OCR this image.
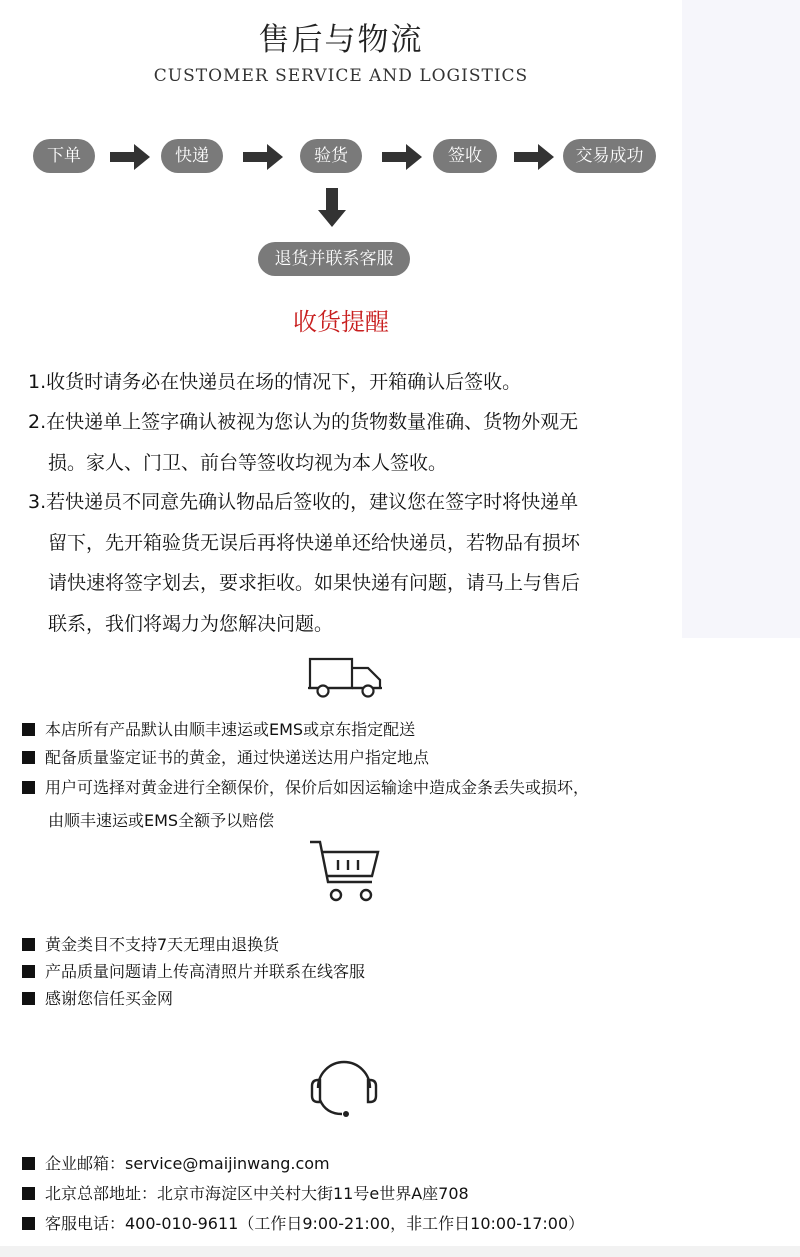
售后与物流
CUSTOMER SERVICE AND LOGISTICS
下单	快递	验货	签收	交易成功
退货并联系客服
收货提醒
1.收货时请务必在快递员在场的情况下，开箱确认后签收。
2.在快递单上签字确认被视为您认为的货物数量准确、货物外观无
损。家人、门卫、前台等签收均视为本人签收。
3.若快递员不同意先确认物品后签收的，建议您在签字时将快递单
留下，先开箱验货无误后再将快递单还给快递员，若物品有损坏
请快速将签字划去，要求拒收。如果快递有问题，请马上与售后
联系，我们将竭力为您解决问题。
本店所有产品默认由顺丰速运或EMS或京东指定配送
配备质量鉴定证书的黄金，通过快递送达用户指定地点
用户可选择对黄金进行全额保价，保价后如因运输途中造成金条丢失或损坏，
由顺丰速运或EMS全额予以赔偿
黄金类目不支持7天无理由退换货
产品质量问题请上传高清照片并联系在线客服
感谢您信任买金网
企业邮箱：service@maijinwang.com
北京总部地址：北京市海淀区中关村大街11号e世界A座708
客服电话：400-010-9611（工作日9:00-21:00，非工作日10:00-17:00）
